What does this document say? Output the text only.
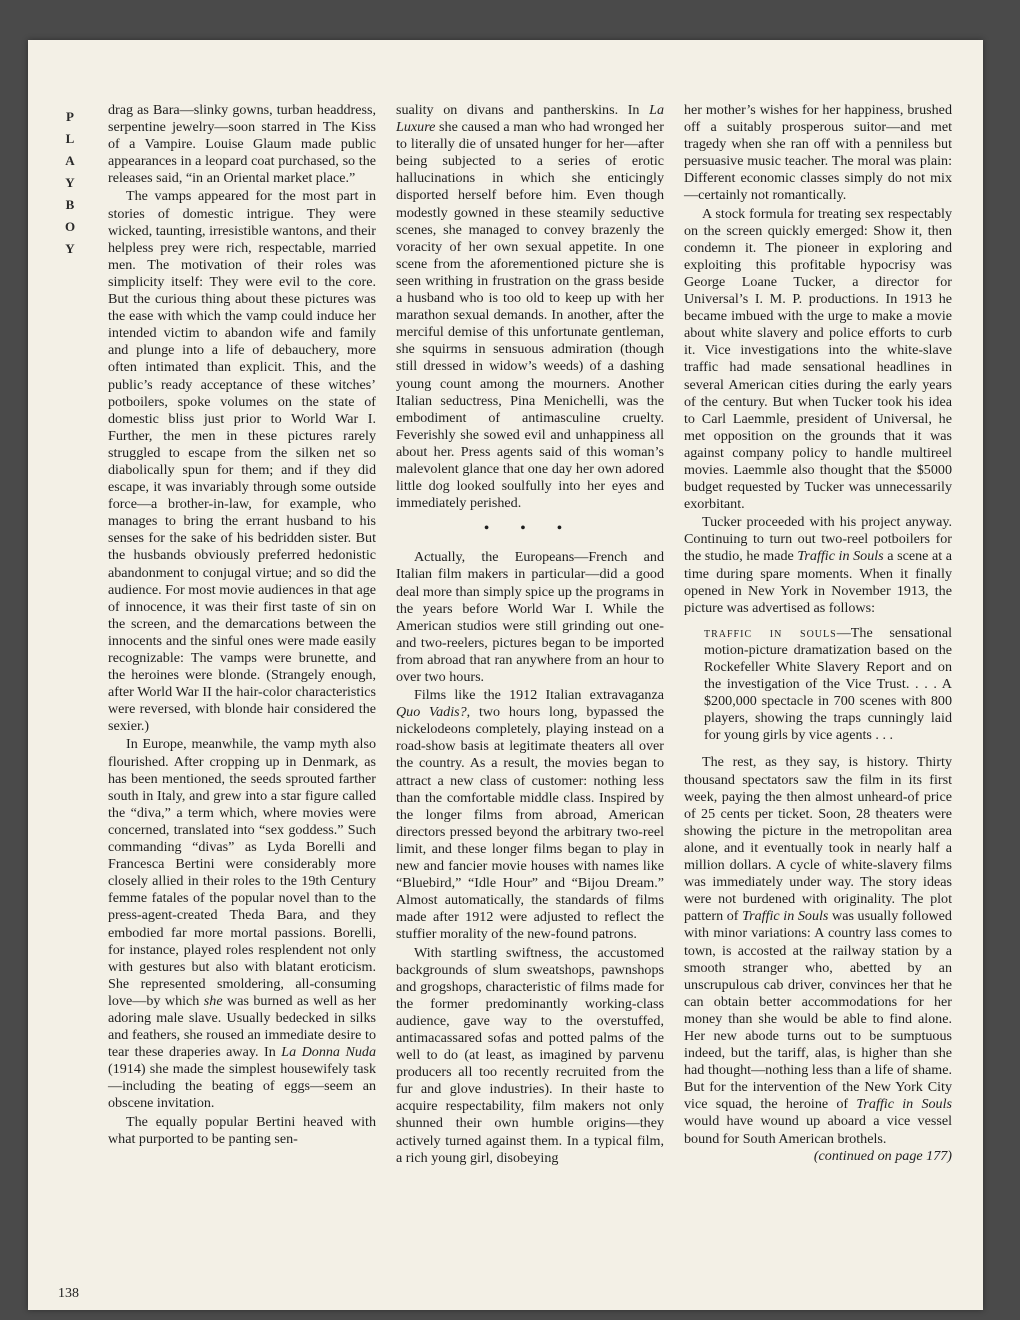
P
L
A
Y
B
O
Y
138

drag as Bara—slinky gowns, turban headdress, serpentine jewelry—soon starred in The Kiss of a Vampire. Louise Glaum made public appearances in a leopard coat purchased, so the releases said, “in an Oriental market place.”

The vamps appeared for the most part in stories of domestic intrigue. They were wicked, taunting, irresistible wantons, and their helpless prey were rich, respectable, married men. The motivation of their roles was simplicity itself: They were evil to the core. But the curious thing about these pictures was the ease with which the vamp could induce her intended victim to abandon wife and family and plunge into a life of debauchery, more often intimated than explicit. This, and the public’s ready acceptance of these witches’ potboilers, spoke volumes on the state of domestic bliss just prior to World War I. Further, the men in these pictures rarely struggled to escape from the silken net so diabolically spun for them; and if they did escape, it was invariably through some outside force—a brother-in-law, for example, who manages to bring the errant husband to his senses for the sake of his bedridden sister. But the husbands obviously preferred hedonistic abandonment to conjugal virtue; and so did the audience. For most movie audiences in that age of innocence, it was their first taste of sin on the screen, and the demarcations between the innocents and the sinful ones were made easily recognizable: The vamps were brunette, and the heroines were blonde. (Strangely enough, after World War II the hair-color characteristics were reversed, with blonde hair considered the sexier.)

In Europe, meanwhile, the vamp myth also flourished. After cropping up in Denmark, as has been mentioned, the seeds sprouted farther south in Italy, and grew into a star figure called the “diva,” a term which, where movies were concerned, translated into “sex goddess.” Such commanding “divas” as Lyda Borelli and Francesca Bertini were considerably more closely allied in their roles to the 19th Century femme fatales of the popular novel than to the press-agent-created Theda Bara, and they embodied far more mortal passions. Borelli, for instance, played roles resplendent not only with gestures but also with blatant eroticism. She represented smoldering, all-consuming love—by which she was burned as well as her adoring male slave. Usually bedecked in silks and feathers, she roused an immediate desire to tear these draperies away. In La Donna Nuda (1914) she made the simplest housewifely task—including the beating of eggs—seem an obscene invitation.

The equally popular Bertini heaved with what purported to be panting sen-

suality on divans and pantherskins. In La Luxure she caused a man who had wronged her to literally die of unsated hunger for her—after being subjected to a series of erotic hallucinations in which she enticingly disported herself before him. Even though modestly gowned in these steamily seductive scenes, she managed to convey brazenly the voracity of her own sexual appetite. In one scene from the aforementioned picture she is seen writhing in frustration on the grass beside a husband who is too old to keep up with her marathon sexual demands. In another, after the merciful demise of this unfortunate gentleman, she squirms in sensuous admiration (though still dressed in widow’s weeds) of a dashing young count among the mourners. Another Italian seductress, Pina Menichelli, was the embodiment of antimasculine cruelty. Feverishly she sowed evil and unhappiness all about her. Press agents said of this woman’s malevolent glance that one day her own adored little dog looked soulfully into her eyes and immediately perished.

• • •

Actually, the Europeans—French and Italian film makers in particular—did a good deal more than simply spice up the programs in the years before World War I. While the American studios were still grinding out one- and two-reelers, pictures began to be imported from abroad that ran anywhere from an hour to over two hours.

Films like the 1912 Italian extravaganza Quo Vadis?, two hours long, bypassed the nickelodeons completely, playing instead on a road-show basis at legitimate theaters all over the country. As a result, the movies began to attract a new class of customer: nothing less than the comfortable middle class. Inspired by the longer films from abroad, American directors pressed beyond the arbitrary two-reel limit, and these longer films began to play in new and fancier movie houses with names like “Bluebird,” “Idle Hour” and “Bijou Dream.” Almost automatically, the standards of films made after 1912 were adjusted to reflect the stuffier morality of the new-found patrons.

With startling swiftness, the accustomed backgrounds of slum sweatshops, pawnshops and grogshops, characteristic of films made for the former predominantly working-class audience, gave way to the overstuffed, antimacassared sofas and potted palms of the well to do (at least, as imagined by parvenu producers all too recently recruited from the fur and glove industries). In their haste to acquire respectability, film makers not only shunned their own humble origins—they actively turned against them. In a typical film, a rich young girl, disobeying

her mother’s wishes for her happiness, brushed off a suitably prosperous suitor—and met tragedy when she ran off with a penniless but persuasive music teacher. The moral was plain: Different economic classes simply do not mix—certainly not romantically.

A stock formula for treating sex respectably on the screen quickly emerged: Show it, then condemn it. The pioneer in exploring and exploiting this profitable hypocrisy was George Loane Tucker, a director for Universal’s I. M. P. productions. In 1913 he became imbued with the urge to make a movie about white slavery and police efforts to curb it. Vice investigations into the white-slave traffic had made sensational headlines in several American cities during the early years of the century. But when Tucker took his idea to Carl Laemmle, president of Universal, he met opposition on the grounds that it was against company policy to handle multireel movies. Laemmle also thought that the $5000 budget requested by Tucker was unnecessarily exorbitant.

Tucker proceeded with his project anyway. Continuing to turn out two-reel potboilers for the studio, he made Traffic in Souls a scene at a time during spare moments. When it finally opened in New York in November 1913, the picture was advertised as follows:

traffic in souls—The sensational motion-picture dramatization based on the Rockefeller White Slavery Report and on the investigation of the Vice Trust. . . . A $200,000 spectacle in 700 scenes with 800 players, showing the traps cunningly laid for young girls by vice agents . . .

The rest, as they say, is history. Thirty thousand spectators saw the film in its first week, paying the then almost unheard-of price of 25 cents per ticket. Soon, 28 theaters were showing the picture in the metropolitan area alone, and it eventually took in nearly half a million dollars. A cycle of white-slavery films was immediately under way. The story ideas were not burdened with originality. The plot pattern of Traffic in Souls was usually followed with minor variations: A country lass comes to town, is accosted at the railway station by a smooth stranger who, abetted by an unscrupulous cab driver, convinces her that he can obtain better accommodations for her money than she would be able to find alone. Her new abode turns out to be sumptuous indeed, but the tariff, alas, is higher than she had thought—nothing less than a life of shame. But for the intervention of the New York City vice squad, the heroine of Traffic in Souls would have wound up aboard a vice vessel bound for South American brothels.

(continued on page 177)
